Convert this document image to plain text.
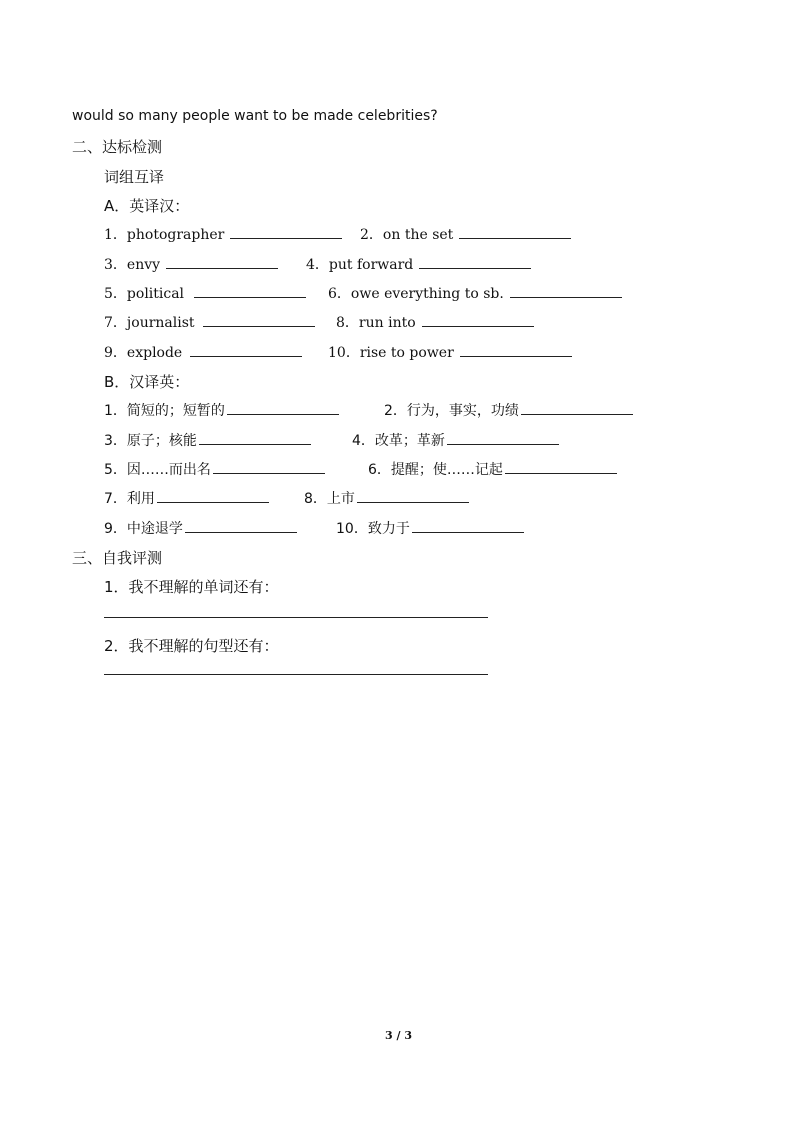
would so many people want to be made celebrities?
二、达标检测
词组互译
A．英译汉：
1．photographer	2．on the set
3．envy	4．put forward
5．political	6．owe everything to sb.
7．journalist	8．run into
9．explode	10．rise to power
B．汉译英：
1．简短的；短暂的	2．行为，事实，功绩
3．原子；核能	4．改革；革新
5．因……而出名	6．提醒；使……记起
7．利用	8．上市
9．中途退学	10．致力于
三、自我评测
1．我不理解的单词还有：
2．我不理解的句型还有：
3 / 3
